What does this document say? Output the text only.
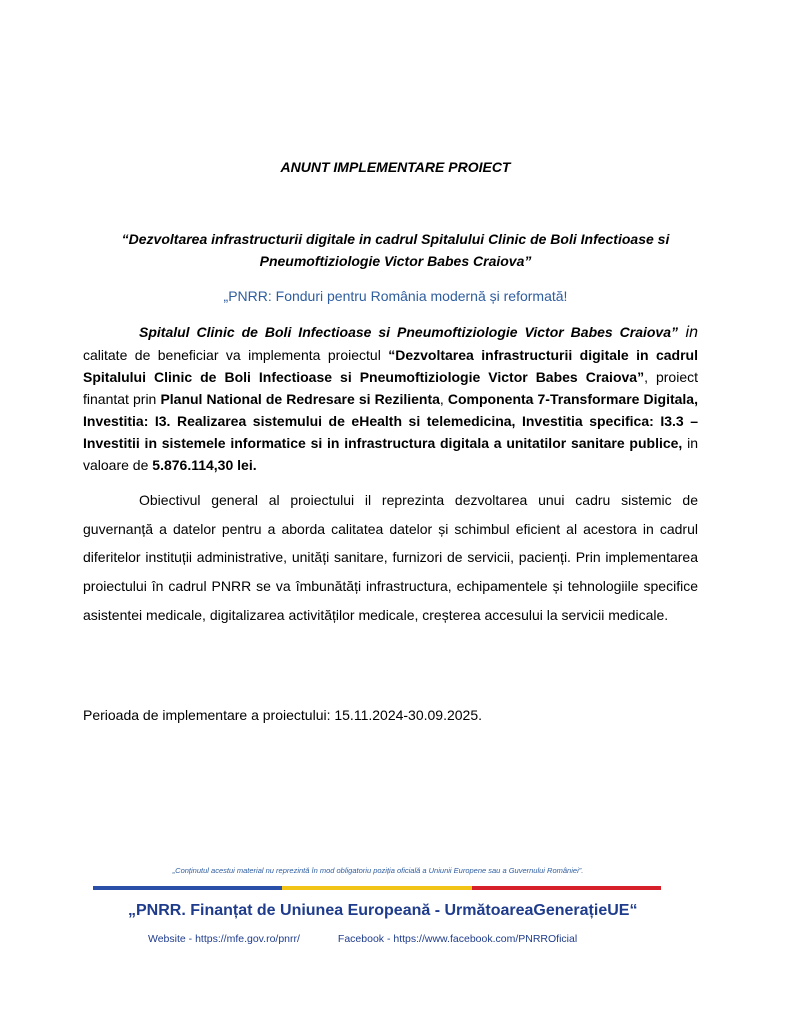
ANUNT IMPLEMENTARE PROIECT
“Dezvoltarea infrastructurii digitale in cadrul Spitalului Clinic de Boli Infectioase si Pneumoftiziologie Victor Babes Craiova”
„PNRR: Fonduri pentru România modernă și reformată!
Spitalul Clinic de Boli Infectioase si Pneumoftiziologie Victor Babes Craiova” in calitate de beneficiar va implementa proiectul “Dezvoltarea infrastructurii digitale in cadrul Spitalului Clinic de Boli Infectioase si Pneumoftiziologie Victor Babes Craiova”, proiect finantat prin Planul National de Redresare si Rezilienta, Componenta 7-Transformare Digitala, Investitia: I3. Realizarea sistemului de eHealth si telemedicina, Investitia specifica: I3.3 – Investitii in sistemele informatice si in infrastructura digitala a unitatilor sanitare publice, in valoare de 5.876.114,30 lei.
Obiectivul general al proiectului il reprezinta dezvoltarea unui cadru sistemic de guvernanță a datelor pentru a aborda calitatea datelor și schimbul eficient al acestora in cadrul diferitelor instituții administrative, unități sanitare, furnizori de servicii, pacienți. Prin implementarea proiectului în cadrul PNRR se va îmbunătăți infrastructura, echipamentele și tehnologiile specifice asistentei medicale, digitalizarea activităților medicale, creșterea accesului la servicii medicale.
Perioada de implementare a proiectului: 15.11.2024-30.09.2025.
„Conținutul acestui material nu reprezintă în mod obligatoriu poziția oficială a Uniunii Europene sau a Guvernului României”.
„PNRR. Finanțat de Uniunea Europeană - UrmătoareaGenerațieUE“
Website - https://mfe.gov.ro/pnrr/	Facebook - https://www.facebook.com/PNRROficial
